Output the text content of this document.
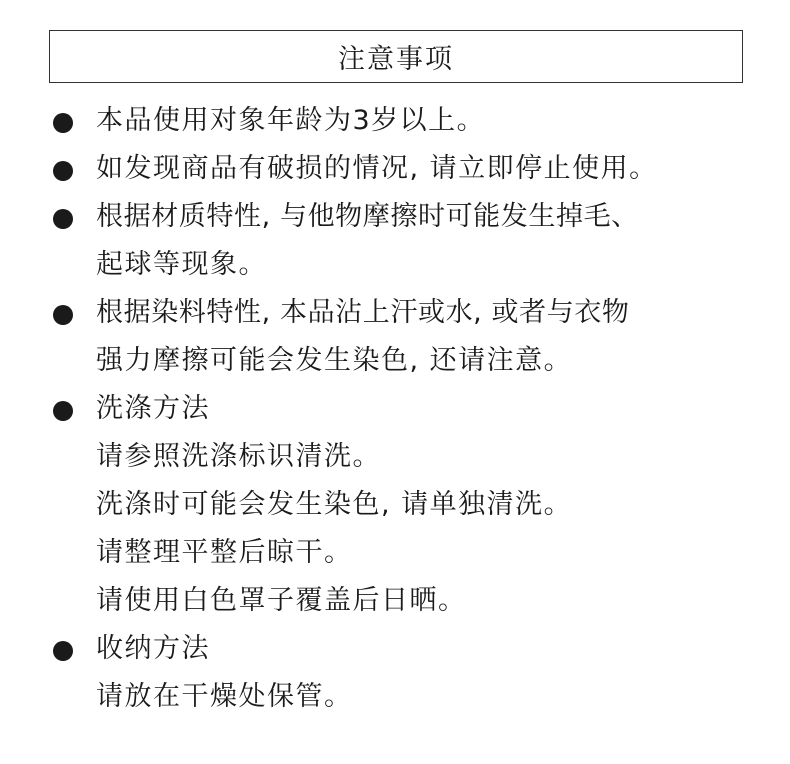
注意事项
本品使用对象年龄为3岁以上。
如发现商品有破损的情况, 请立即停止使用。
根据材质特性, 与他物摩擦时可能发生掉毛、
起球等现象。
根据染料特性, 本品沾上汗或水, 或者与衣物
强力摩擦可能会发生染色, 还请注意。
洗涤方法
请参照洗涤标识清洗。
洗涤时可能会发生染色, 请单独清洗。
请整理平整后晾干。
请使用白色罩子覆盖后日晒。
收纳方法
请放在干燥处保管。
